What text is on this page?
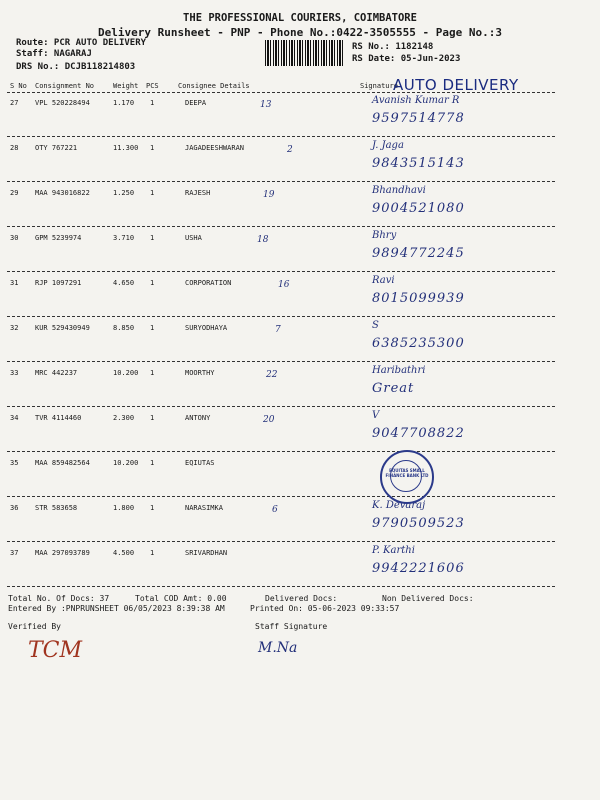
THE PROFESSIONAL COURIERS, COIMBATORE
Delivery Runsheet - PNP - Phone No.:0422-3505555 - Page No.:3
Route: PCR AUTO DELIVERY
Staff: NAGARAJ
DRS No.: DCJB118214803
RS No.: 1182148
RS Date: 05-Jun-2023
S No Consignment No	Weight PCS	Consignee Details	Signature
AUTO DELIVERY
27 VPL 520228494	1.170 1	DEEPA	13	Avanish Kumar R
9597514778
28 OTY 767221	11.300 1	JAGADEESHWARAN	2	J. Jaga
9843515143
29 MAA 943016822	1.250 1	RAJESH	19	Bhandhavi
9004521080
30 GPM 5239974	3.710 1	USHA	18	Bhry
9894772245
31 RJP 1097291	4.650 1	CORPORATION	16	Ravi
8015099939
32 KUR 529430949	8.850 1	SURYODHAYA	7	S
6385235300
33 MRC 442237	10.200 1	MOORTHY	22	Haribathri
Great
34 TVR 4114460	2.300 1	ANTONY	20	V
9047708822
35 MAA 859482564	10.200 1	EQIUTAS
36 STR 583658	1.800 1	NARASIMKA	6	K. Devaraj
9790509523
37 MAA 297093789	4.500 1	SRIVARDHAN	P. Karthi
9942221606
EQUITAS SMALL FINANCE BANK LTD
Total No. Of Docs: 37	Total COD Amt: 0.00	Delivered Docs:	Non Delivered Docs:
Entered By :PNPRUNSHEET 06/05/2023 8:39:38 AM	Printed On: 05-06-2023 09:33:57
Verified By	Staff Signature
TCM	M.Na
